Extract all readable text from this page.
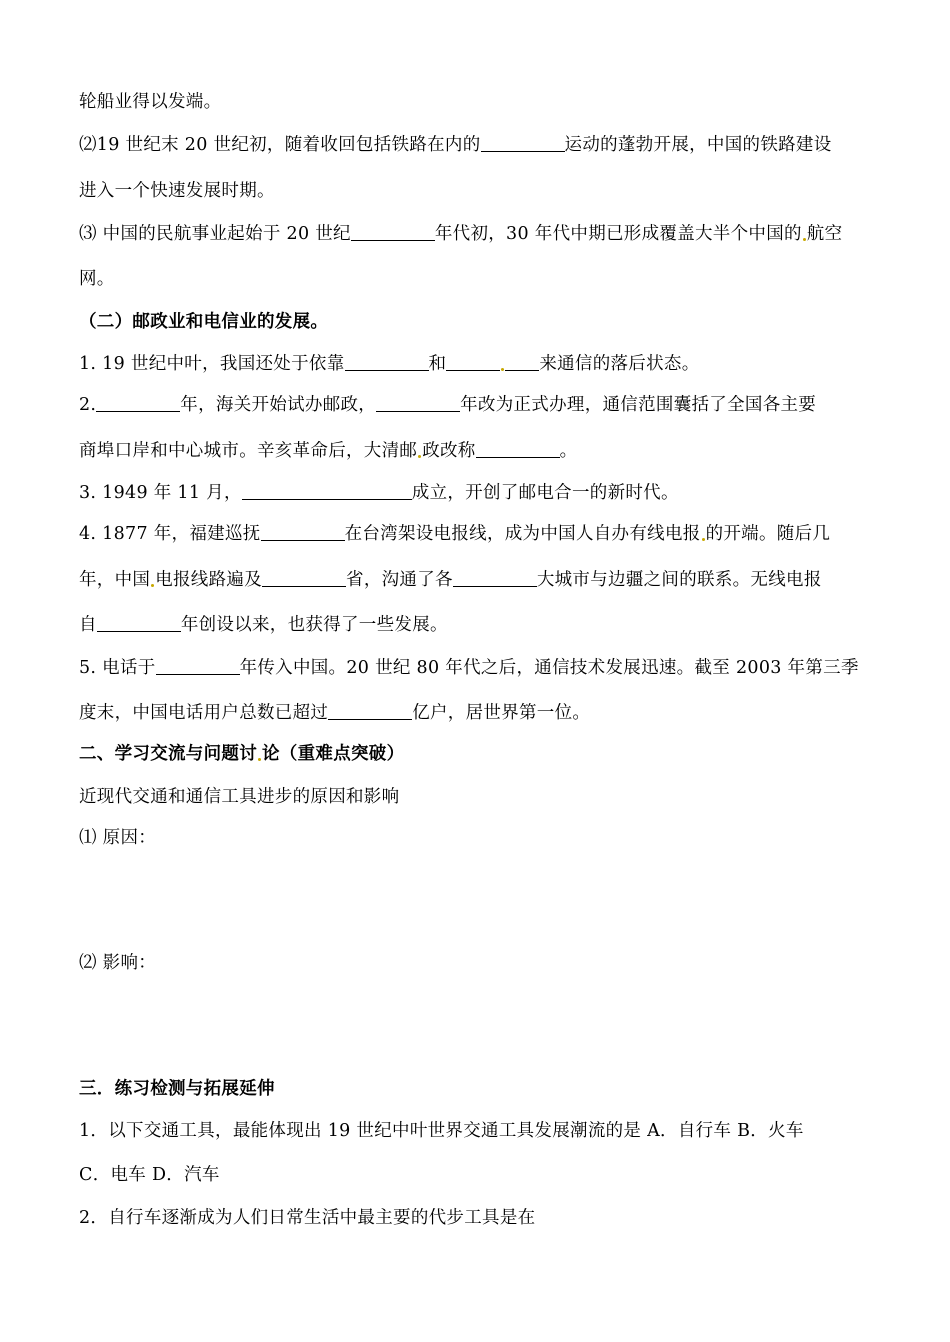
轮船业得以发端。
⑵19 世纪末 20 世纪初，随着收回包括铁路在内的	运动的蓬勃开展，中国的铁路建设
进入一个快速发展时期。
⑶ 中国的民航事业起始于 20 世纪	年代初，30 年代中期已形成覆盖大半个中国的 航空
网。
（二）邮政业和电信业的发展。
1. 19 世纪中叶，我国还处于依靠	和	来通信的落后状态。
2.	年，海关开始试办邮政，	年改为正式办理，通信范围囊括了全国各主要
商埠口岸和中心城市。辛亥革命后，大清邮 政改称	。
3. 1949 年 11 月，	成立，开创了邮电合一的新时代。
4. 1877 年，福建巡抚	在台湾架设电报线，成为中国人自办有线电报 的开端。随后几
年，中国 电报线路遍及	省，沟通了各	大城市与边疆之间的联系。无线电报
自	年创设以来，也获得了一些发展。
5. 电话于	年传入中国。20 世纪 80 年代之后，通信技术发展迅速。截至 2003 年第三季
度末，中国电话用户总数已超过	亿户，居世界第一位。
二、学习交流与问题讨 论（重难点突破）
近现代交通和通信工具进步的原因和影响
⑴ 原因：
⑵ 影响：
三．练习检测与拓展延伸
1．以下交通工具，最能体现出 19 世纪中叶世界交通工具发展潮流的是 A．自行车 B．火车
C．电车 D．汽车
2．自行车逐渐成为人们日常生活中最主要的代步工具是在
